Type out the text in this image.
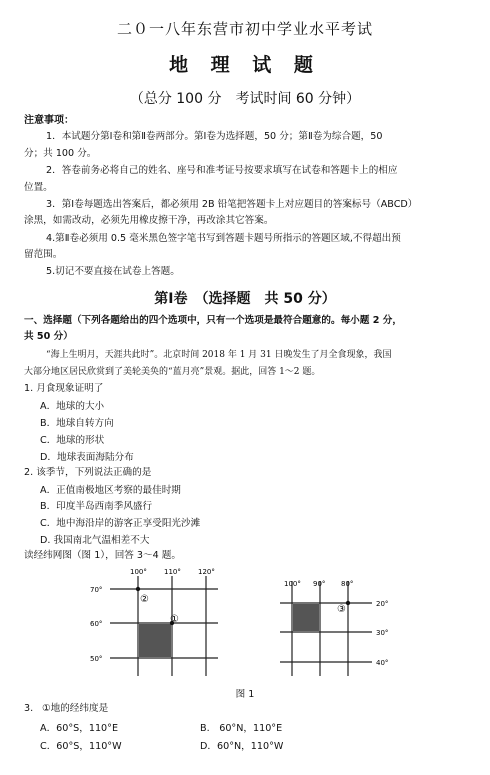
二０一八年东营市初中学业水平考试
地 理 试 题
（总分 100 分　考试时间 60 分钟）
注意事项：
1．本试题分第Ⅰ卷和第Ⅱ卷两部分。第Ⅰ卷为选择题，50 分；第Ⅱ卷为综合题，50
分；共 100 分。
2．答卷前务必将自己的姓名、座号和准考证号按要求填写在试卷和答题卡上的相应
位置。
3．第Ⅰ卷每题选出答案后，都必须用 2B 铅笔把答题卡上对应题目的答案标号（ABCD）
涂黑，如需改动，必须先用橡皮擦干净，再改涂其它答案。
4.第Ⅱ卷必须用 0.5 毫米黑色签字笔书写到答题卡题号所指示的答题区域,不得超出预
留范围。
5.切记不要直接在试卷上答题。
第Ⅰ卷　（选择题　共 50 分）
一、选择题（下列各题给出的四个选项中，只有一个选项是最符合题意的。每小题 2 分，
共 50 分）
“海上生明月，天涯共此时”。北京时间 2018 年 1 月 31 日晚发生了月全食现象，我国
大部分地区居民欣赏到了美轮美奂的“蓝月亮”景观。据此，回答 1～2 题。
1. 月食现象证明了
A．地球的大小
B．地球自转方向
C．地球的形状
D．地球表面海陆分布
2. 该季节，下列说法正确的是
A．正值南极地区考察的最佳时期
B．印度半岛西南季风盛行
C．地中海沿岸的游客正享受阳光沙滩
D. 我国南北气温相差不大
读经纬网图（图 1），回答 3～4 题。
100° 110° 120°
70°
60°
50°
②
①
100° 90° 80°
20°
30°
40°
③
图 1
3. ①地的经纬度是
A．60°S，110°E	B.　60°N，110°E
C．60°S，110°W	D．60°N，110°W
